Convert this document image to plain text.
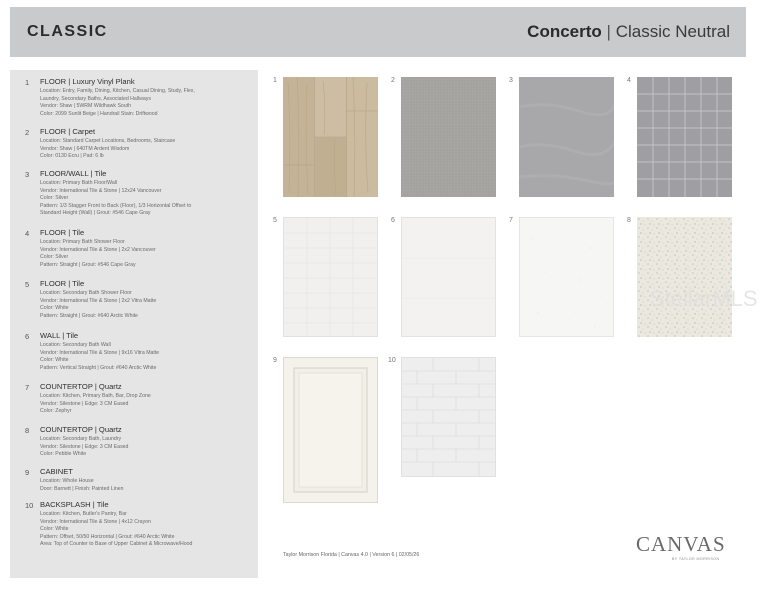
CLASSIC	Concerto | Classic Neutral
1	FLOOR | Luxury Vinyl Plank
Location: Entry, Family, Dining, Kitchen, Casual Dining, Study, Flex,
Laundry, Secondary Baths, Associated Hallways
Vendor: Shaw | 5WRM Wildhawk South
Color: 2099 Sunlit Beige | Handrail Stain: Driftwood
2	FLOOR | Carpet
Location: Standard Carpet Locations, Bedrooms, Staircase
Vendor: Shaw | 640TM Ardent Wisdom
Color: 0130 Ecru | Pad: 6 lb
3	FLOOR/WALL | Tile
Location: Primary Bath Floor/Wall
Vendor: International Tile & Stone | 12x24 Vancouver
Color: Silver
Pattern: 1/3 Stagger Front to Back (Floor), 1/3 Horizontal Offset to
Standard Height (Wall) | Grout: #546 Cape Gray
4	FLOOR | Tile
Location: Primary Bath Shower Floor
Vendor: International Tile & Stone | 2x2 Vancouver
Color: Silver
Pattern: Straight | Grout: #546 Cape Gray
5	FLOOR | Tile
Location: Secondary Bath Shower Floor
Vendor: International Tile & Stone | 2x2 Vitra Matte
Color: White
Pattern: Straight | Grout: #640 Arctic White
6	WALL | Tile
Location: Secondary Bath Wall
Vendor: International Tile & Stone | 9x16 Vitra Matte
Color: White
Pattern: Vertical Straight | Grout: #640 Arctic White
7	COUNTERTOP | Quartz
Location: Kitchen, Primary Bath, Bar, Drop Zone
Vendor: Silestone | Edge: 3 CM Eased
Color: Zephyr
8	COUNTERTOP | Quartz
Location: Secondary Bath, Laundry
Vendor: Silestone | Edge: 3 CM Eased
Color: Pebble White
9	CABINET
Location: Whole House
Door: Barnett | Finish: Painted Linen
10 BACKSPLASH | Tile
Location: Kitchen, Butler's Pantry, Bar
Vendor: International Tile & Stone | 4x12 Crayon
Color: White
Pattern: Offset, 50/50 Horizontal | Grout: #640 Arctic White
Area: Top of Counter to Base of Upper Cabinet & Microwave/Hood
1	2	3	4
5	6	7	8
9	10
StellarMLS
Taylor Morrison Florida | Canvas 4.0 | Version 6 | 02/05/26	CANVAS
BY TAYLOR MORRISON
